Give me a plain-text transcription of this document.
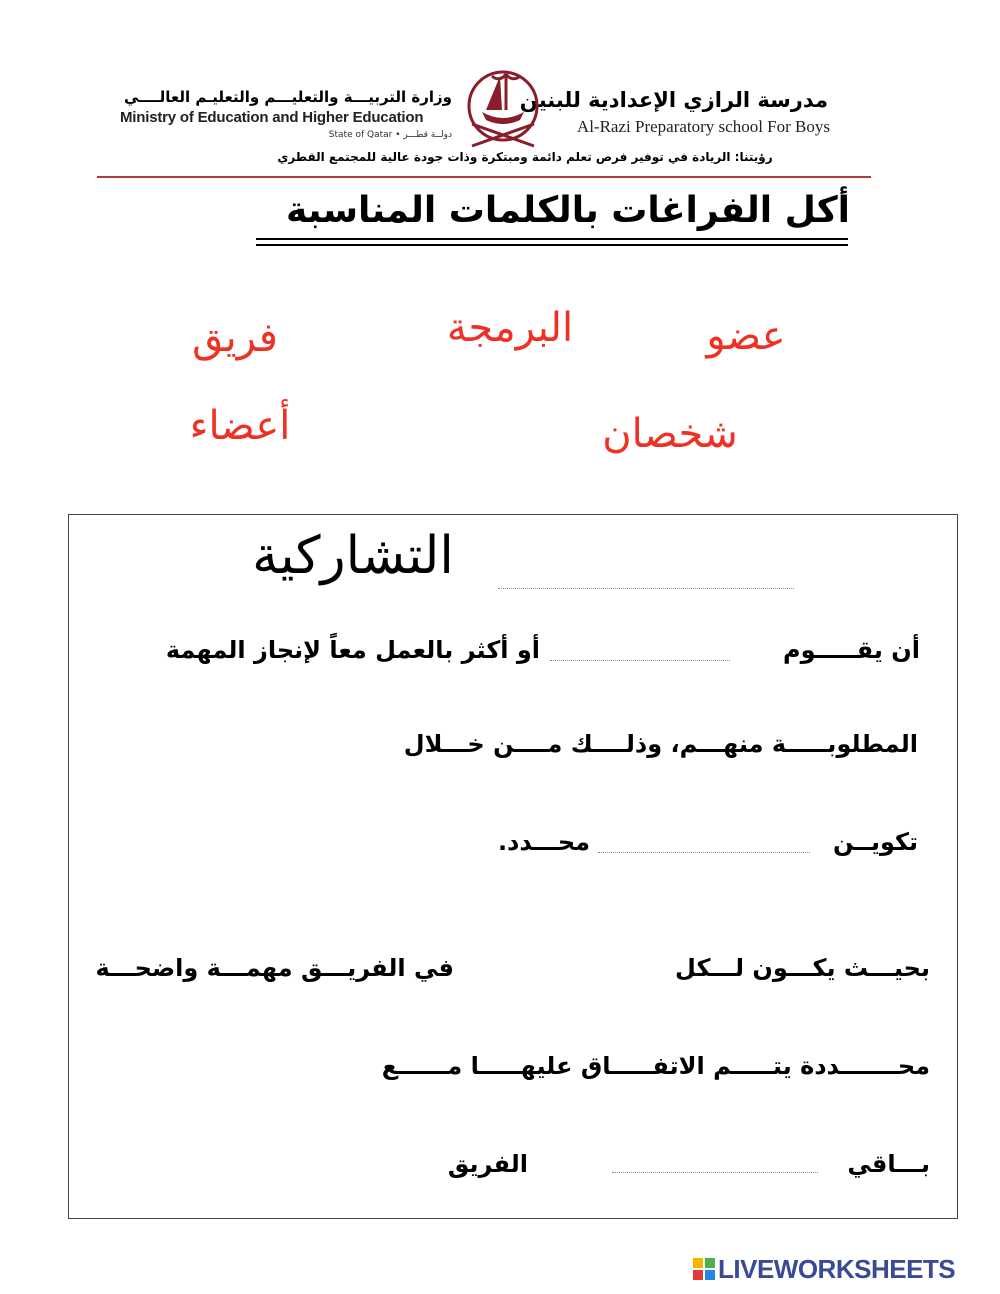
مدرسة الرازي الإعدادية للبنين
Al-Razi Preparatory school For Boys
وزارة التربيـــة والتعليـــم والتعليـم العالــــي
Ministry of Education and Higher Education
State of Qatar • دولــة قطـــر
رؤيتنا: الريادة في توفير فرص تعلم دائمة ومبتكرة وذات جودة عالية للمجتمع القطري
أكل الفراغات بالكلمات المناسبة
عضو
البرمجة
فريق
شخصان
أعضاء
التشاركية
أن يقـــــوم
أو أكثر بالعمل معاً لإنجاز المهمة
المطلوبـــــة منهـــم، وذلــــك مــــن خـــلال
تكويــن
محـــدد.
بحيـــث يكـــون لـــكل
في الفريـــق مهمـــة واضحـــة
محـــــــددة يتـــــم الاتفـــــاق عليهـــــا مــــــع
بـــاقي
الفريق
LIVEWORKSHEETS
